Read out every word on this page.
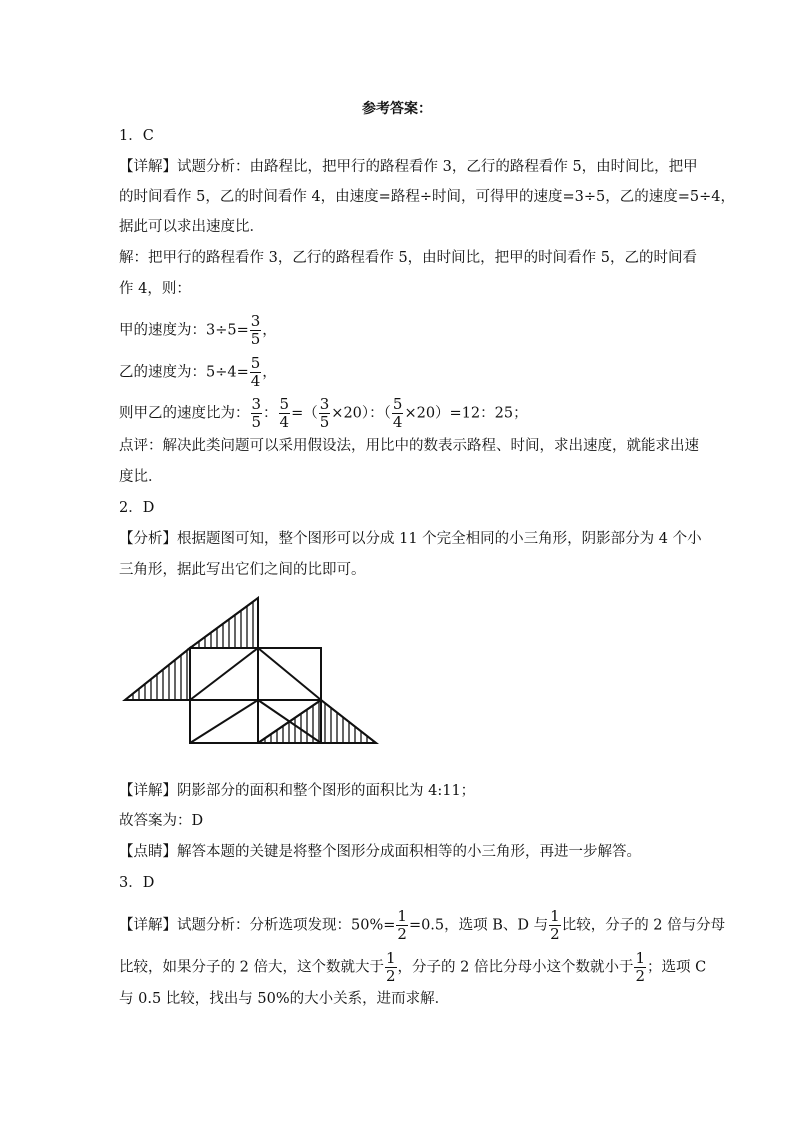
参考答案：
1．C
【详解】试题分析：由路程比，把甲行的路程看作 3，乙行的路程看作 5，由时间比，把甲
的时间看作 5，乙的时间看作 4，由速度=路程÷时间，可得甲的速度=3÷5，乙的速度=5÷4，
据此可以求出速度比．
解：把甲行的路程看作 3，乙行的路程看作 5，由时间比，把甲的时间看作 5，乙的时间看
作 4，则：
甲的速度为：$3\div 5= \frac{3}{5}$ ，
乙的速度为：$5\div 4= \frac{5}{4}$ ，
则甲乙的速度比为： $\frac{3}{5}$ ： $\frac{5}{4}$ =（ $\frac{3}{5} \times 20$）：（ $\frac{5}{4} \times 20)=12$：25；
点评：解决此类问题可以采用假设法，用比中的数表示路程、时间，求出速度，就能求出速
度比．
2．D
【分析】根据题图可知，整个图形可以分成 11 个完全相同的小三角形，阴影部分为 4 个小
三角形，据此写出它们之间的比即可。
【详解】阴影部分的面积和整个图形的面积比为 4:11；
故答案为：D
【点睛】解答本题的关键是将整个图形分成面积相等的小三角形，再进一步解答。
3．D
【详解】试题分析：分析选项发现：$50\%= \frac{1}{2} =0.5$，选项 B、D 与 $\frac{1}{2}$ 比较，分子的 2 倍与分母
比较，如果分子的 2 倍大，这个数就大于 $\frac{1}{2}$ ，分子的 2 倍比分母小这个数就小于 $\frac{1}{2}$ ；选项 C
与 0.5 比较，找出与 50%的大小关系，进而求解．
